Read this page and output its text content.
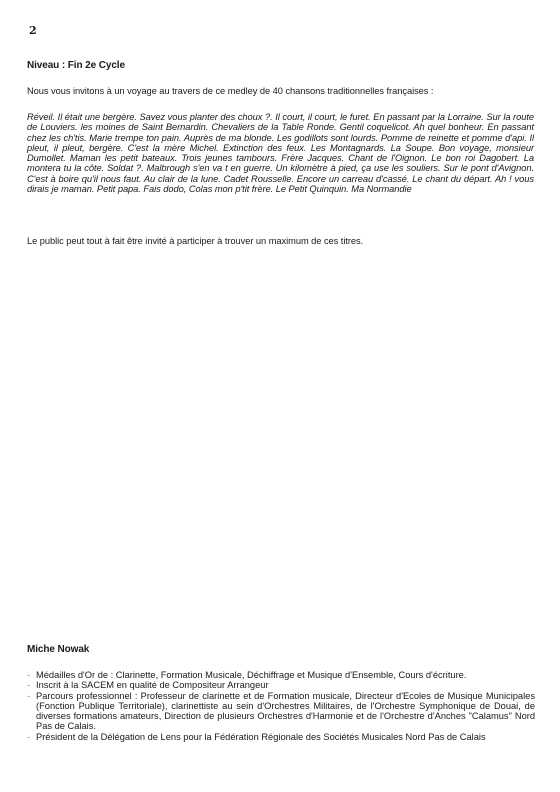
2
Niveau : Fin 2e Cycle

Nous vous invitons à un voyage au travers de ce medley de 40 chansons traditionnelles françaises :

Réveil. Il était une bergère. Savez vous planter des choux ?. Il court, il court, le furet. En passant par la Lorraine. Sur la route de Louviers. les moines de Saint Bernardin. Chevaliers de la Table Ronde. Gentil coquelicot. Ah quel bonheur. En passant chez les ch'tis. Marie trempe ton pain. Auprès de ma blonde. Les godillots sont lourds. Pomme de reinette et pomme d'api. Il pleut, il pleut, bergère. C'est la mère Michel. Extinction des feux. Les Montagnards. La Soupe. Bon voyage, monsieur Dumollet. Maman les petit bateaux. Trois jeunes tambours. Frère Jacques. Chant de l'Oignon. Le bon roi Dagobert. La montera tu la côte. Soldat ?. Malbrough s'en va t en guerre. Un kilomètre à pied, ça use les souliers. Sur le pont d'Avignon. C'est à boire qu'il nous faut. Au clair de la lune. Cadet Rousselle. Encore un carreau d'cassé. Le chant du départ. Ah ! vous dirais je maman. Petit papa. Fais dodo, Colas mon p'tit frère. Le Petit Quinquin. Ma Normandie

Le public peut tout à fait être invité à participer à trouver un maximum de ces titres.

Miche Nowak
- Médailles d'Or de : Clarinette, Formation Musicale, Déchiffrage et Musique d'Ensemble, Cours d'écriture.
- Inscrit à la SACEM en qualité de Compositeur Arrangeur
- Parcours professionnel : Professeur de clarinette et de Formation musicale, Directeur d'Ecoles de Musique Municipales (Fonction Publique Territoriale), clarinettiste au sein d'Orchestres Militaires, de l'Orchestre Symphonique de Douai, de diverses formations amateurs, Direction de plusieurs Orchestres d'Harmonie et de l'Orchestre d'Anches "Calamus" Nord Pas de Calais.
- Président de la Délégation de Lens pour la Fédération Régionale des Sociétés Musicales Nord Pas de Calais
